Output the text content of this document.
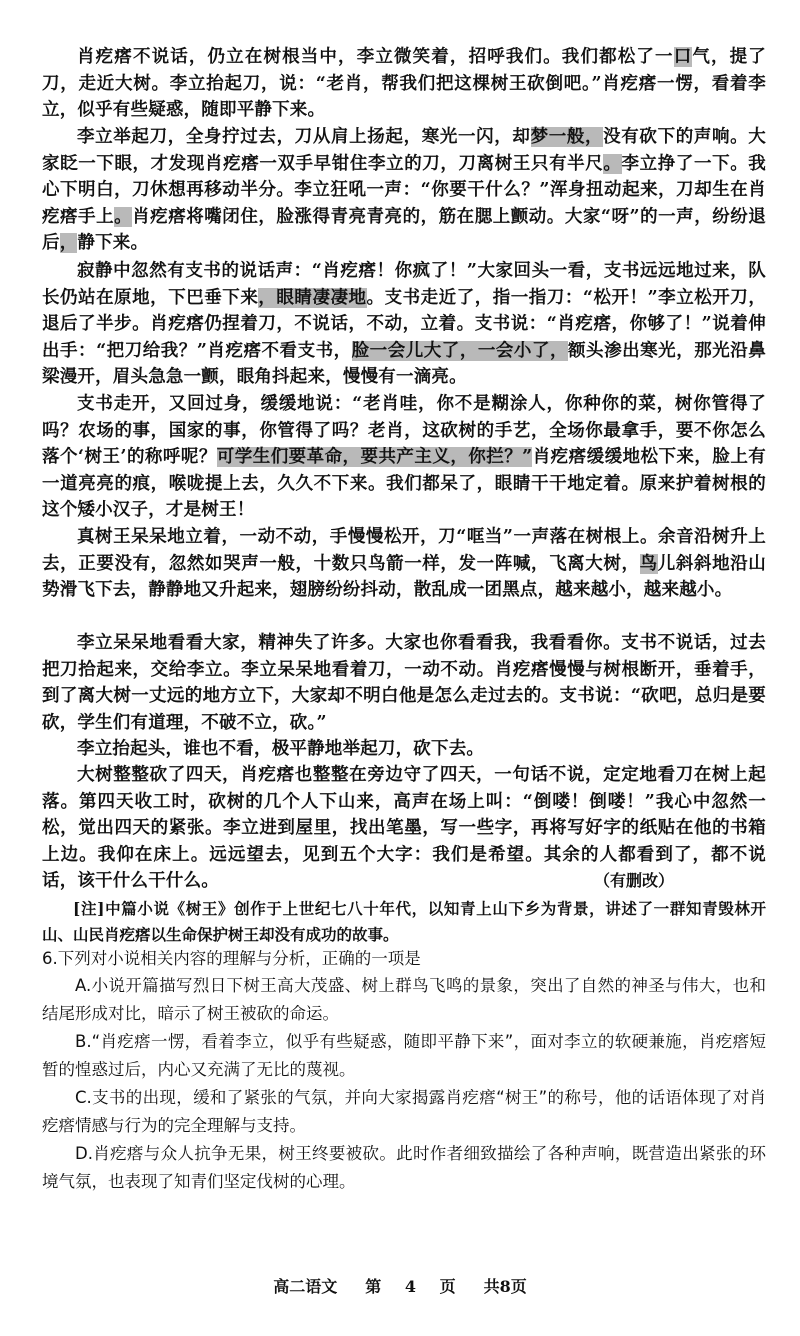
肖疙瘩不说话，仍立在树根当中，李立微笑着，招呼我们。我们都松了一口气，提了刀，走近大树。李立抬起刀，说：“老肖，帮我们把这棵树王砍倒吧。”肖疙瘩一愣，看着李立，似乎有些疑惑，随即平静下来。

李立举起刀，全身拧过去，刀从肩上扬起，寒光一闪，却梦一般，没有砍下的声响。大家眨一下眼，才发现肖疙瘩一双手早钳住李立的刀，刀离树王只有半尺。李立挣了一下。我心下明白，刀休想再移动半分。李立狂吼一声：“你要干什么？”浑身扭动起来，刀却生在肖疙瘩手上。肖疙瘩将嘴闭住，脸涨得青亮青亮的，筋在腮上颤动。大家“呀”的一声，纷纷退后，静下来。

寂静中忽然有支书的说话声：“肖疙瘩！你疯了！”大家回头一看，支书远远地过来，队长仍站在原地，下巴垂下来，眼睛凄凄地。支书走近了，指一指刀：“松开！”李立松开刀，退后了半步。肖疙瘩仍捏着刀，不说话，不动，立着。支书说：“肖疙瘩，你够了！”说着伸出手：“把刀给我？”肖疙瘩不看支书，脸一会儿大了，一会小了，额头渗出寒光，那光沿鼻梁漫开，眉头急急一颤，眼角抖起来，慢慢有一滴亮。

支书走开，又回过身，缓缓地说：“老肖哇，你不是糊涂人，你种你的菜，树你管得了吗？农场的事，国家的事，你管得了吗？老肖，这砍树的手艺，全场你最拿手，要不你怎么落个‘树王’的称呼呢？可学生们要革命，要共产主义，你拦？”肖疙瘩缓缓地松下来，脸上有一道亮亮的痕，喉咙提上去，久久不下来。我们都呆了，眼睛干干地定着。原来护着树根的这个矮小汉子，才是树王！

真树王呆呆地立着，一动不动，手慢慢松开，刀“哐当”一声落在树根上。余音沿树升上去，正要没有，忽然如哭声一般，十数只鸟箭一样，发一阵喊，飞离大树，鸟儿斜斜地沿山势滑飞下去，静静地又升起来，翅膀纷纷抖动，散乱成一团黑点，越来越小，越来越小。

李立呆呆地看看大家，精神失了许多。大家也你看看我，我看看你。支书不说话，过去把刀拾起来，交给李立。李立呆呆地看着刀，一动不动。肖疙瘩慢慢与树根断开，垂着手，到了离大树一丈远的地方立下，大家却不明白他是怎么走过去的。支书说：“砍吧，总归是要砍，学生们有道理，不破不立，砍。”

李立抬起头，谁也不看，极平静地举起刀，砍下去。

大树整整砍了四天，肖疙瘩也整整在旁边守了四天，一句话不说，定定地看刀在树上起落。第四天收工时，砍树的几个人下山来，高声在场上叫：“倒喽！倒喽！”我心中忽然一松，觉出四天的紧张。李立进到屋里，找出笔墨，写一些字，再将写好字的纸贴在他的书箱上边。我仰在床上。远远望去，见到五个大字：我们是希望。其余的人都看到了，都不说话，该干什么干什么。	（有删改）

[注]中篇小说《树王》创作于上世纪七八十年代，以知青上山下乡为背景，讲述了一群知青毁林开山、山民肖疙瘩以生命保护树王却没有成功的故事。

6.下列对小说相关内容的理解与分析，正确的一项是

A.小说开篇描写烈日下树王高大茂盛、树上群鸟飞鸣的景象，突出了自然的神圣与伟大，也和结尾形成对比，暗示了树王被砍的命运。

B.“肖疙瘩一愣，看着李立，似乎有些疑惑，随即平静下来”，面对李立的软硬兼施，肖疙瘩短暂的惶惑过后，内心又充满了无比的蔑视。

C.支书的出现，缓和了紧张的气氛，并向大家揭露肖疙瘩“树王”的称号，他的话语体现了对肖疙瘩情感与行为的完全理解与支持。

D.肖疙瘩与众人抗争无果，树王终要被砍。此时作者细致描绘了各种声响，既营造出紧张的环境气氛，也表现了知青们坚定伐树的心理。

高二语文 第 4 页 共8页
